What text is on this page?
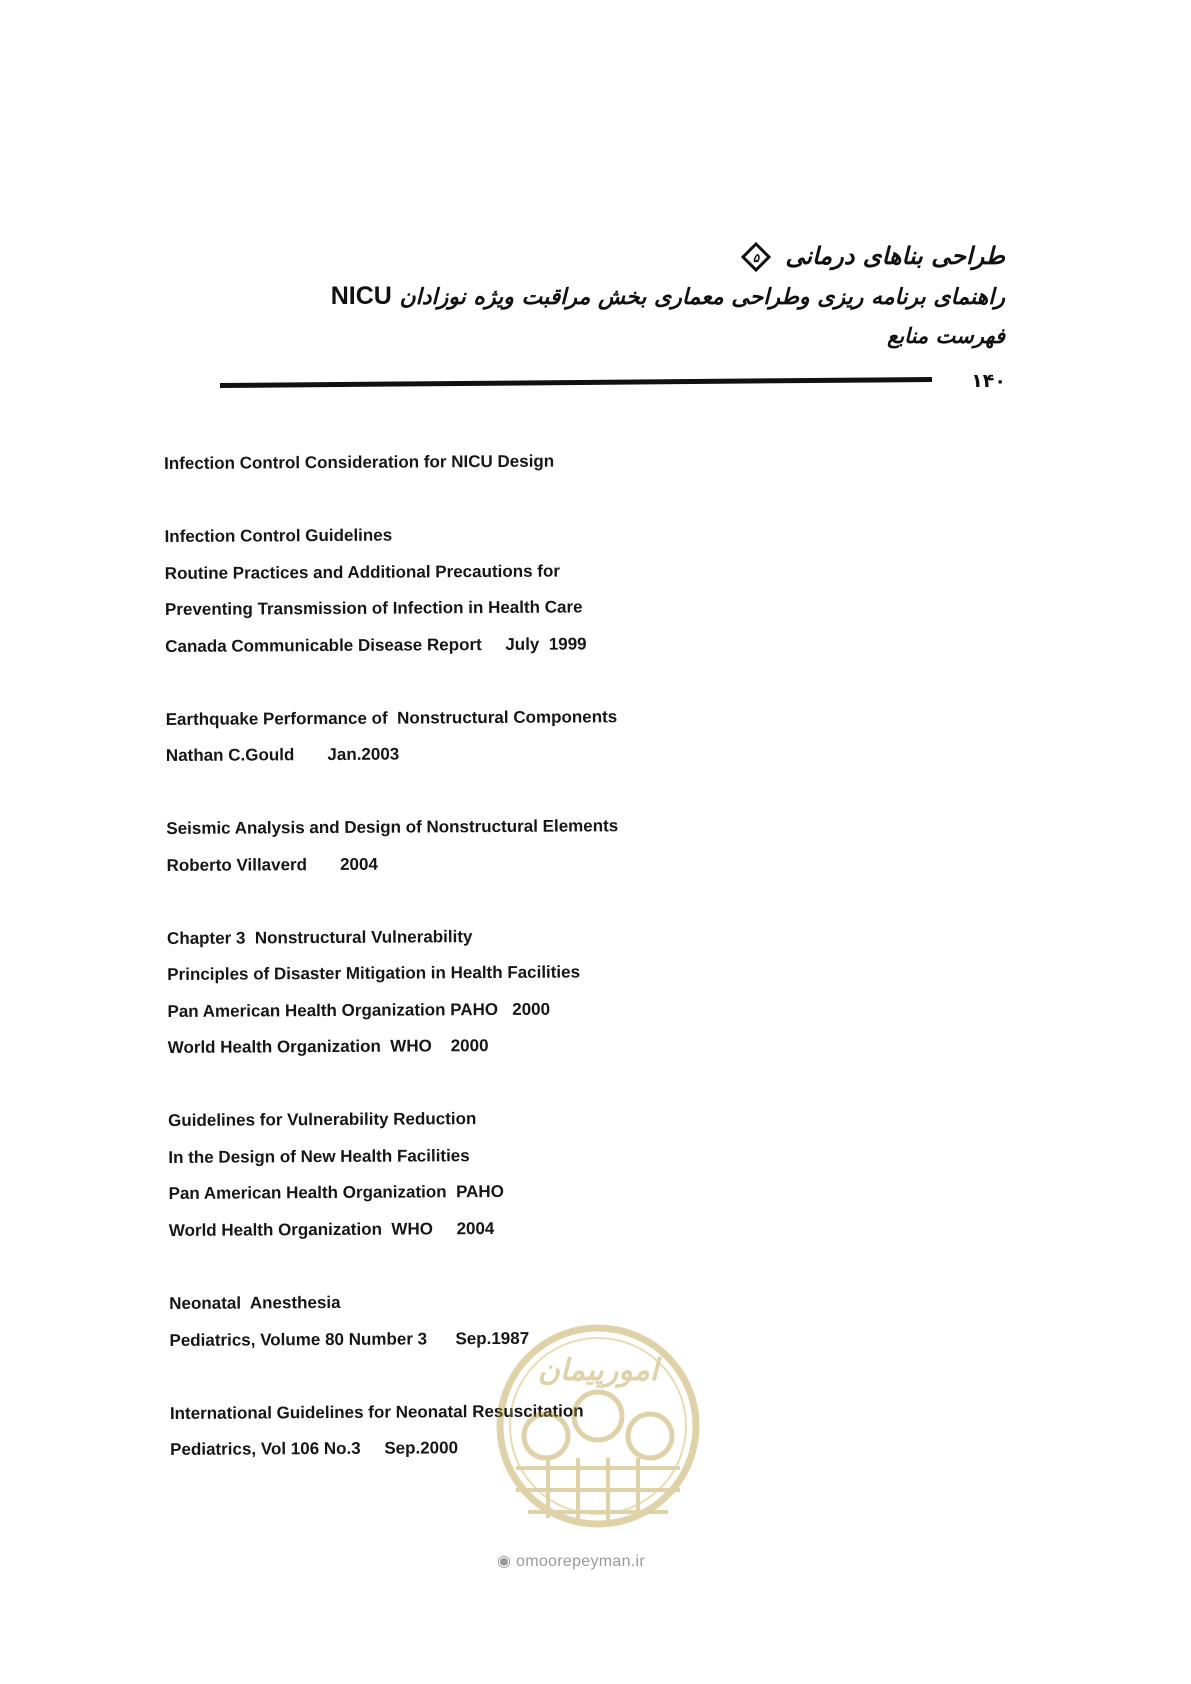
طراحی بناهای درمانی
۵
راهنمای برنامه ریزی وطراحی معماری بخش مراقبت ویژه نوزادان NICU
فهرست منابع
۱۴۰
Infection Control Consideration for NICU Design
Infection Control Guidelines
Routine Practices and Additional Precautions for
Preventing Transmission of Infection in Health Care
Canada Communicable Disease Report     July  1999
Earthquake Performance of  Nonstructural Components
Nathan C.Gould       Jan.2003
Seismic Analysis and Design of Nonstructural Elements
Roberto Villaverd       2004
Chapter 3  Nonstructural Vulnerability
Principles of Disaster Mitigation in Health Facilities
Pan American Health Organization PAHO   2000
World Health Organization  WHO    2000
Guidelines for Vulnerability Reduction
In the Design of New Health Facilities
Pan American Health Organization  PAHO
World Health Organization  WHO     2004
Neonatal  Anesthesia
Pediatrics, Volume 80 Number 3      Sep.1987
International Guidelines for Neonatal Resuscitation
Pediatrics, Vol 106 No.3     Sep.2000
امورپیمان
◉ omoorepeyman.ir
